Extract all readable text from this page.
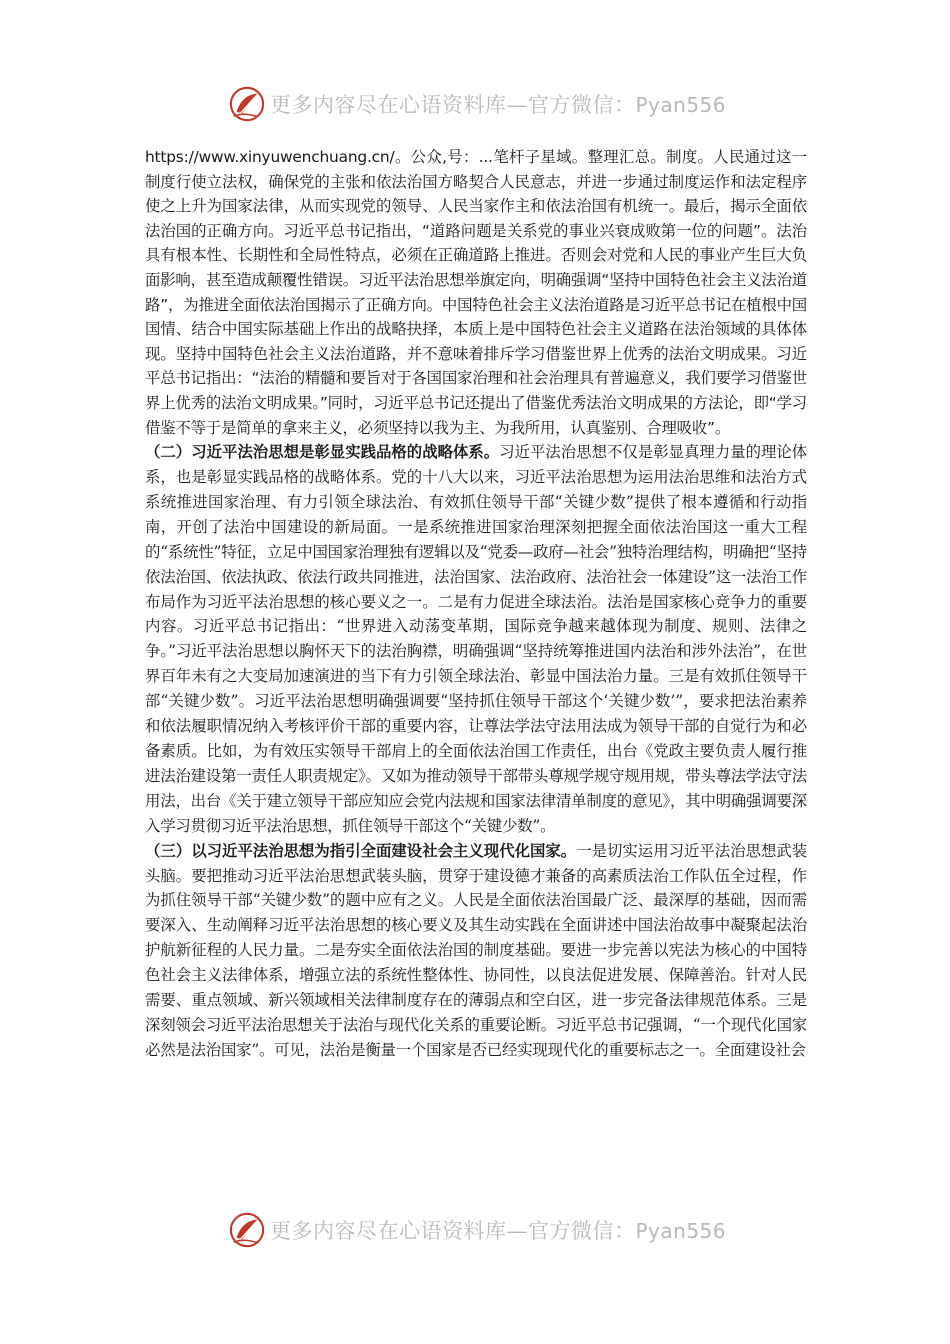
更多内容尽在心语资料库—官方微信：Pyan556

https://www.xinyuwenchuang.cn/。公众,号：...笔杆子星域。整理汇总。制度。人民通过这一制度行使立法权，确保党的主张和依法治国方略契合人民意志，并进一步通过制度运作和法定程序使之上升为国家法律，从而实现党的领导、人民当家作主和依法治国有机统一。最后，揭示全面依法治国的正确方向。习近平总书记指出，“道路问题是关系党的事业兴衰成败第一位的问题”。法治具有根本性、长期性和全局性特点，必须在正确道路上推进。否则会对党和人民的事业产生巨大负面影响，甚至造成颠覆性错误。习近平法治思想举旗定向，明确强调“坚持中国特色社会主义法治道路”，为推进全面依法治国揭示了正确方向。中国特色社会主义法治道路是习近平总书记在植根中国国情、结合中国实际基础上作出的战略抉择，本质上是中国特色社会主义道路在法治领域的具体体现。坚持中国特色社会主义法治道路，并不意味着排斥学习借鉴世界上优秀的法治文明成果。习近平总书记指出：“法治的精髓和要旨对于各国国家治理和社会治理具有普遍意义，我们要学习借鉴世界上优秀的法治文明成果。”同时，习近平总书记还提出了借鉴优秀法治文明成果的方法论，即“学习借鉴不等于是简单的拿来主义，必须坚持以我为主、为我所用，认真鉴别、合理吸收”。

（二）习近平法治思想是彰显实践品格的战略体系。习近平法治思想不仅是彰显真理力量的理论体系，也是彰显实践品格的战略体系。党的十八大以来，习近平法治思想为运用法治思维和法治方式系统推进国家治理、有力引领全球法治、有效抓住领导干部“关键少数”提供了根本遵循和行动指南，开创了法治中国建设的新局面。一是系统推进国家治理深刻把握全面依法治国这一重大工程的“系统性”特征，立足中国国家治理独有逻辑以及“党委—政府—社会”独特治理结构，明确把“坚持依法治国、依法执政、依法行政共同推进，法治国家、法治政府、法治社会一体建设”这一法治工作布局作为习近平法治思想的核心要义之一。二是有力促进全球法治。法治是国家核心竞争力的重要内容。习近平总书记指出：“世界进入动荡变革期，国际竞争越来越体现为制度、规则、法律之争。”习近平法治思想以胸怀天下的法治胸襟，明确强调“坚持统筹推进国内法治和涉外法治”，在世界百年未有之大变局加速演进的当下有力引领全球法治、彰显中国法治力量。三是有效抓住领导干部“关键少数”。习近平法治思想明确强调要“坚持抓住领导干部这个‘关键少数’”，要求把法治素养和依法履职情况纳入考核评价干部的重要内容，让尊法学法守法用法成为领导干部的自觉行为和必备素质。比如，为有效压实领导干部肩上的全面依法治国工作责任，出台《党政主要负责人履行推进法治建设第一责任人职责规定》。又如为推动领导干部带头尊规学规守规用规，带头尊法学法守法用法，出台《关于建立领导干部应知应会党内法规和国家法律清单制度的意见》，其中明确强调要深入学习贯彻习近平法治思想，抓住领导干部这个“关键少数”。

（三）以习近平法治思想为指引全面建设社会主义现代化国家。一是切实运用习近平法治思想武装头脑。要把推动习近平法治思想武装头脑，贯穿于建设德才兼备的高素质法治工作队伍全过程，作为抓住领导干部“关键少数”的题中应有之义。人民是全面依法治国最广泛、最深厚的基础，因而需要深入、生动阐释习近平法治思想的核心要义及其生动实践在全面讲述中国法治故事中凝聚起法治护航新征程的人民力量。二是夯实全面依法治国的制度基础。要进一步完善以宪法为核心的中国特色社会主义法律体系，增强立法的系统性整体性、协同性，以良法促进发展、保障善治。针对人民需要、重点领域、新兴领域相关法律制度存在的薄弱点和空白区，进一步完备法律规范体系。三是深刻领会习近平法治思想关于法治与现代化关系的重要论断。习近平总书记强调，“一个现代化国家必然是法治国家”。可见，法治是衡量一个国家是否已经实现现代化的重要标志之一。全面建设社会

更多内容尽在心语资料库—官方微信：Pyan556
